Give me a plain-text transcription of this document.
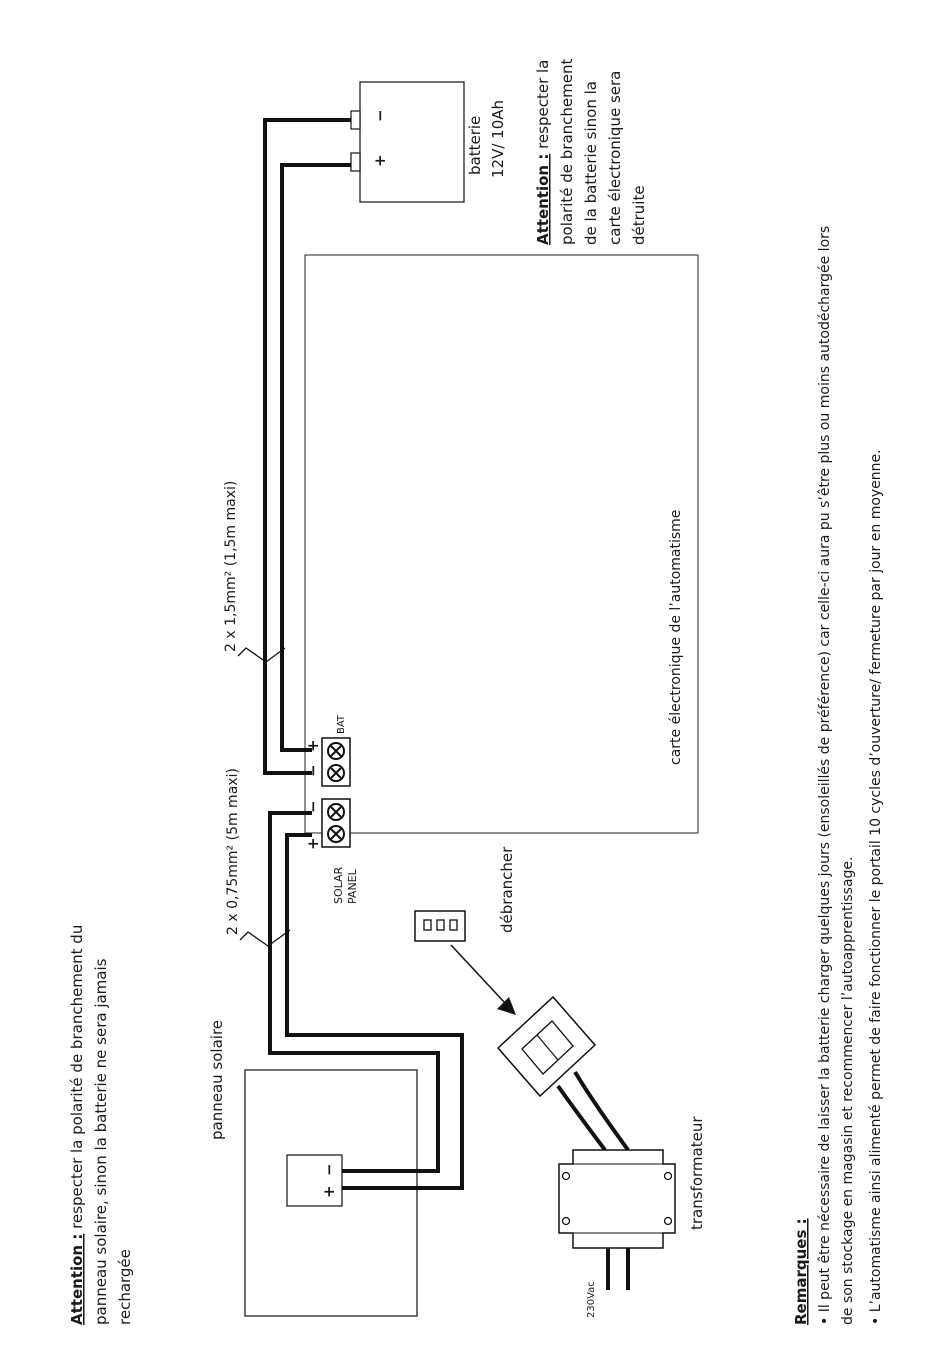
Attention : respecter la polarité de branchement du panneau solaire, sinon la batterie ne sera jamais rechargée
Attention : respecter la polarité de branchement de la batterie sinon la carte électronique sera détruite
carte électronique de l’automatisme
−
+	batterie 12V/ 10Ah
2 x 1,5mm² (1,5m maxi)
BAT
+
−
−
+
SOLAR PANEL
−
+
panneau solaire
2 x 0,75mm² (5m maxi)	débrancher
transformateur
230Vac	Remarques : • Il peut être nécessaire de laisser la batterie charger quelques jours (ensoleillés de préférence) car celle-ci aura pu s’être plus ou moins autodéchargée lors de son stockage en magasin et recommencer l’autoapprentissage. • L’automatisme ainsi alimenté permet de faire fonctionner le portail 10 cycles d’ouverture/ fermeture par jour en moyenne.
